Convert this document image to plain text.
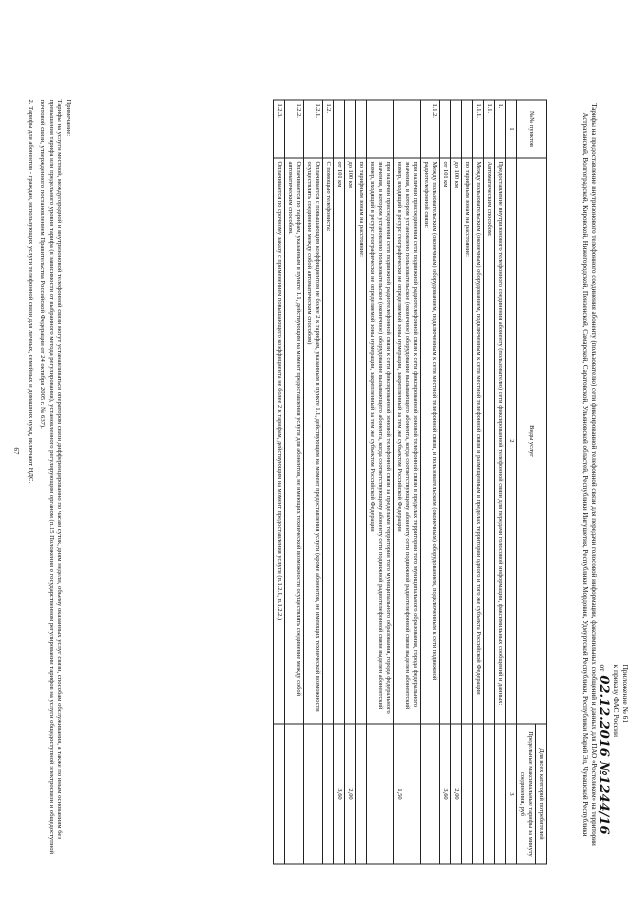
Приложение № 61
к приказу ФАС России
от02.12.2016 №1244/16
Тарифы на предоставление внутризонового телефонного соединения абоненту (пользователю) сети фиксированной телефонной связи для передачи голосовой информации, факсимильных сообщений и данных для ПАО «Ростелеком» на территории Астраханской, Волгоградской, Кировской, Нижегородской, Пензенской, Самарской, Саратовской, Ульяновской областей, Республики Ингушетия, Республики Мордовия, Удмуртской Республики, Республики Марий Эл, Чувашской Республики
№№ пунктов	Виды услуг	Для всех категорий потребителей
		Предельные максимальные тарифы за минуту соединения, руб
1	2	3
1.	Предоставление внутризонового телефонного соединения абоненту (пользователю) сети фиксированной телефонной связи для передачи голосовой информации, факсимильных сообщений и данных:	
1.1.	Автоматическим способом:	
1.1.1.	Между пользовательским (оконечным) оборудованием, подключенным к сети местной телефонной связи и размещенным в пределах территории одного и того же субъекта Российской Федерации	
	по тарифным зонам на расстояние:	
	до 100 км	2,00
	от 101 км	3,60
1.1.2.	Между пользовательским (оконечным) оборудованием, подключенным к сети местной телефонной связи, и пользовательским (оконечным) оборудованием, подключенным к сети подвижной радиотелефонной связи:	
	при наличии присоединения сети подвижной радиотелефонной связи к сети фиксированной зоновой телефонной связи в пределах территории того муниципального образования, города федерального значения, в котором установлено пользовательское (оконечное) оборудование вызывающего абонента, когда соответствующему абоненту сети подвижной радиотелефонной связи выделен абонентский номер, входящий в ресурс географически не определяемой зоны нумерации, закрепленный за тем же субъектом Российской Федерации	1,50
	при наличии присоединения сети подвижной радиотелефонной связи к сети фиксированной зоновой телефонной связи за пределами территории того муниципального образования, города федерального значения, в котором установлено пользовательское (оконечное) оборудование вызывающего абонента, когда соответствующему абоненту сети подвижной радиотелефонной связи выделен абонентский номер, входящий в ресурс географически не определяемой зоны нумерации, закрепленный за тем же субъектом Российской Федерации	
	по тарифным зонам на расстояние:	
	до 100 км	2,00
	от 101 км	3,60
1.2.	С помощью телефониста:	
1.2.1.	Оплачивается с повышающим коэффициентом не более 2 к тарифам, указанным в пункте 1.1, действующим на момент предоставления услуги (кроме абонентов, не имеющих технической возможности осуществлять соединение между собой автоматическим способом)	
1.2.2.	Оплачивается по тарифам, указанным в пункте 1.1, действующим на момент предоставления услуги для абонентов, не имеющих технической возможности осуществлять соединение между собой автоматическим способом.	
1.2.3.	Оплачивается по срочному заказу с применением повышающего коэффициента не более 2 к тарифам, действующим на момент предоставления услуги (п.1.2.1, п.1.2.2.)	
Примечание:
Тарифы на услуги местной, междугородной и внутризоновой телефонной связи могут устанавливаться оператором связи дифференцированно по часам суток, дням недели, объему оказанных услуг связи, способам обслуживания, а также по иным основаниям без превышения тарифа или предельного уровня тарифа (в зависимости от выбранного метода регулирования), установленного регулирующим органом (п.15 Положения о государственном регулировании тарифов на услуги общедоступной электросвязи и общедоступной почтовой связи, утвержденного постановлением Правительства Российской Федерации от 24 октября 2005 г. № 637).
2. Тарифы для абонентов - граждан, использующих услуги телефонной связи для личных, семейных и домашних нужд, включают НДС.
67
